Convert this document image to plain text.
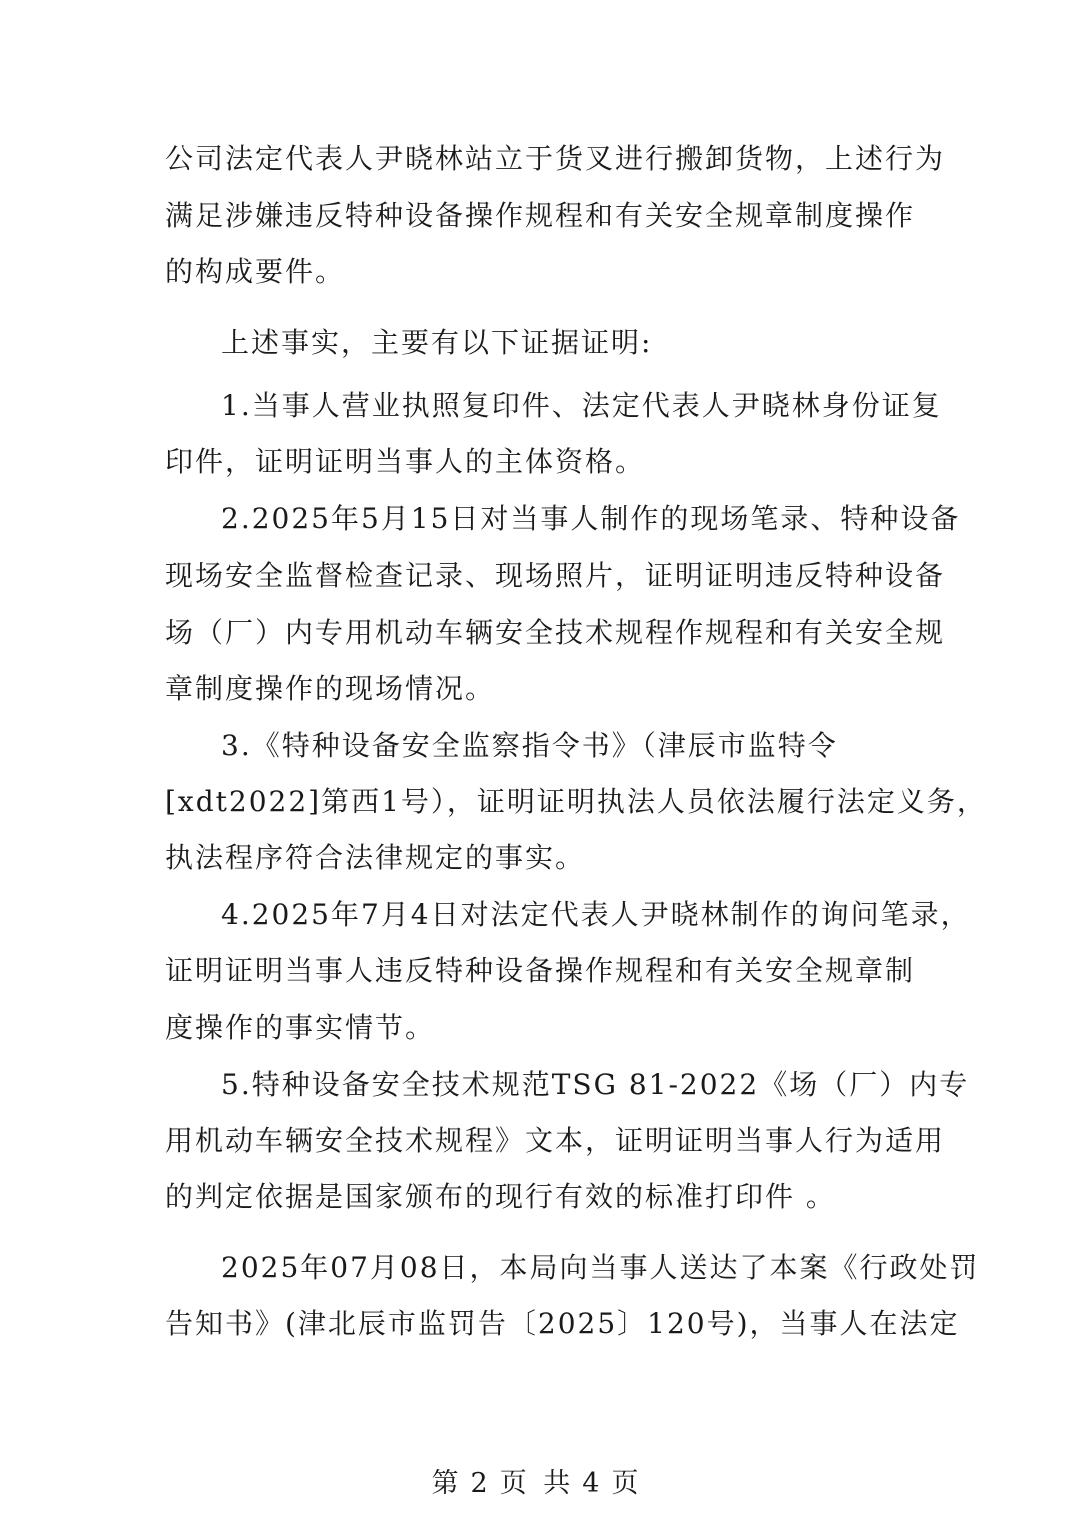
公司法定代表人尹晓林站立于货叉进行搬卸货物，上述行为
满足涉嫌违反特种设备操作规程和有关安全规章制度操作
的构成要件。
上述事实，主要有以下证据证明:
1.当事人营业执照复印件、法定代表人尹晓林身份证复
印件，证明证明当事人的主体资格。
2.2025年5月15日对当事人制作的现场笔录、特种设备
现场安全监督检查记录、现场照片，证明证明违反特种设备
场（厂）内专用机动车辆安全技术规程作规程和有关安全规
章制度操作的现场情况。
3.《特种设备安全监察指令书》（津辰市监特令
[xdt2022]第西1号），证明证明执法人员依法履行法定义务，
执法程序符合法律规定的事实。
4.2025年7月4日对法定代表人尹晓林制作的询问笔录，
证明证明当事人违反特种设备操作规程和有关安全规章制
度操作的事实情节。
5.特种设备安全技术规范TSG 81-2022《场（厂）内专
用机动车辆安全技术规程》文本，证明证明当事人行为适用
的判定依据是国家颁布的现行有效的标准打印件 。
2025年07月08日，本局向当事人送达了本案《行政处罚
告知书》(津北辰市监罚告〔2025〕120号)，当事人在法定
第 2 页 共 4 页
